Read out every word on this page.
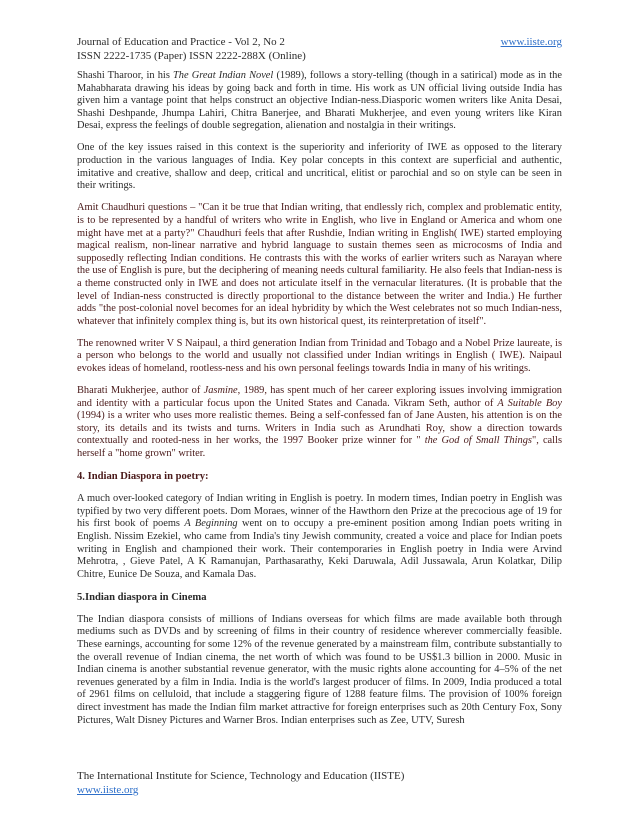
Journal of Education and Practice - Vol 2, No 2
ISSN 2222-1735 (Paper) ISSN 2222-288X (Online)
www.iiste.org

Shashi Tharoor, in his The Great Indian Novel (1989), follows a story-telling (though in a satirical) mode as in the Mahabharata drawing his ideas by going back and forth in time. His work as UN official living outside India has given him a vantage point that helps construct an objective Indian-ness.Diasporic women writers like Anita Desai, Shashi Deshpande, Jhumpa Lahiri, Chitra Banerjee, and Bharati Mukherjee, and even young writers like Kiran Desai, express the feelings of double segregation, alienation and nostalgia in their writings.

One of the key issues raised in this context is the superiority and inferiority of IWE as opposed to the literary production in the various languages of India. Key polar concepts in this context are superficial and authentic, imitative and creative, shallow and deep, critical and uncritical, elitist or parochial and so on style can be seen in their writings.

Amit Chaudhuri questions – "Can it be true that Indian writing, that endlessly rich, complex and problematic entity, is to be represented by a handful of writers who write in English, who live in England or America and whom one might have met at a party?" Chaudhuri feels that after Rushdie, Indian writing in English( IWE) started employing magical realism, non-linear narrative and hybrid language to sustain themes seen as microcosms of India and supposedly reflecting Indian conditions. He contrasts this with the works of earlier writers such as Narayan where the use of English is pure, but the deciphering of meaning needs cultural familiarity. He also feels that Indian-ness is a theme constructed only in IWE and does not articulate itself in the vernacular literatures. (It is probable that the level of Indian-ness constructed is directly proportional to the distance between the writer and India.) He further adds "the post-colonial novel becomes for an ideal hybridity by which the West celebrates not so much Indian-ness, whatever that infinitely complex thing is, but its own historical quest, its reinterpretation of itself".

The renowned writer V S Naipaul, a third generation Indian from Trinidad and Tobago and a Nobel Prize laureate, is a person who belongs to the world and usually not classified under Indian writings in English ( IWE). Naipaul evokes ideas of homeland, rootless-ness and his own personal feelings towards India in many of his writings.

Bharati Mukherjee, author of Jasmine, 1989, has spent much of her career exploring issues involving immigration and identity with a particular focus upon the United States and Canada. Vikram Seth, author of A Suitable Boy (1994) is a writer who uses more realistic themes. Being a self-confessed fan of Jane Austen, his attention is on the story, its details and its twists and turns. Writers in India such as Arundhati Roy, show a direction towards contextually and rooted-ness in her works, the 1997 Booker prize winner for " the God of Small Things", calls herself a "home grown" writer.

4. Indian Diaspora in poetry:

A much over-looked category of Indian writing in English is poetry. In modern times, Indian poetry in English was typified by two very different poets. Dom Moraes, winner of the Hawthorn den Prize at the precocious age of 19 for his first book of poems A Beginning went on to occupy a pre-eminent position among Indian poets writing in English. Nissim Ezekiel, who came from India's tiny Jewish community, created a voice and place for Indian poets writing in English and championed their work. Their contemporaries in English poetry in India were Arvind Mehrotra, , Gieve Patel, A K Ramanujan, Parthasarathy, Keki Daruwala, Adil Jussawala, Arun Kolatkar, Dilip Chitre, Eunice De Souza, and Kamala Das.

5.Indian diaspora in Cinema

The Indian diaspora consists of millions of Indians overseas for which films are made available both through mediums such as DVDs and by screening of films in their country of residence wherever commercially feasible. These earnings, accounting for some 12% of the revenue generated by a mainstream film, contribute substantially to the overall revenue of Indian cinema, the net worth of which was found to be US$1.3 billion in 2000. Music in Indian cinema is another substantial revenue generator, with the music rights alone accounting for 4–5% of the net revenues generated by a film in India. India is the world's largest producer of films. In 2009, India produced a total of 2961 films on celluloid, that include a staggering figure of 1288 feature films. The provision of 100% foreign direct investment has made the Indian film market attractive for foreign enterprises such as 20th Century Fox, Sony Pictures, Walt Disney Pictures and Warner Bros. Indian enterprises such as Zee, UTV, Suresh

The International Institute for Science, Technology and Education (IISTE)
www.iiste.org
